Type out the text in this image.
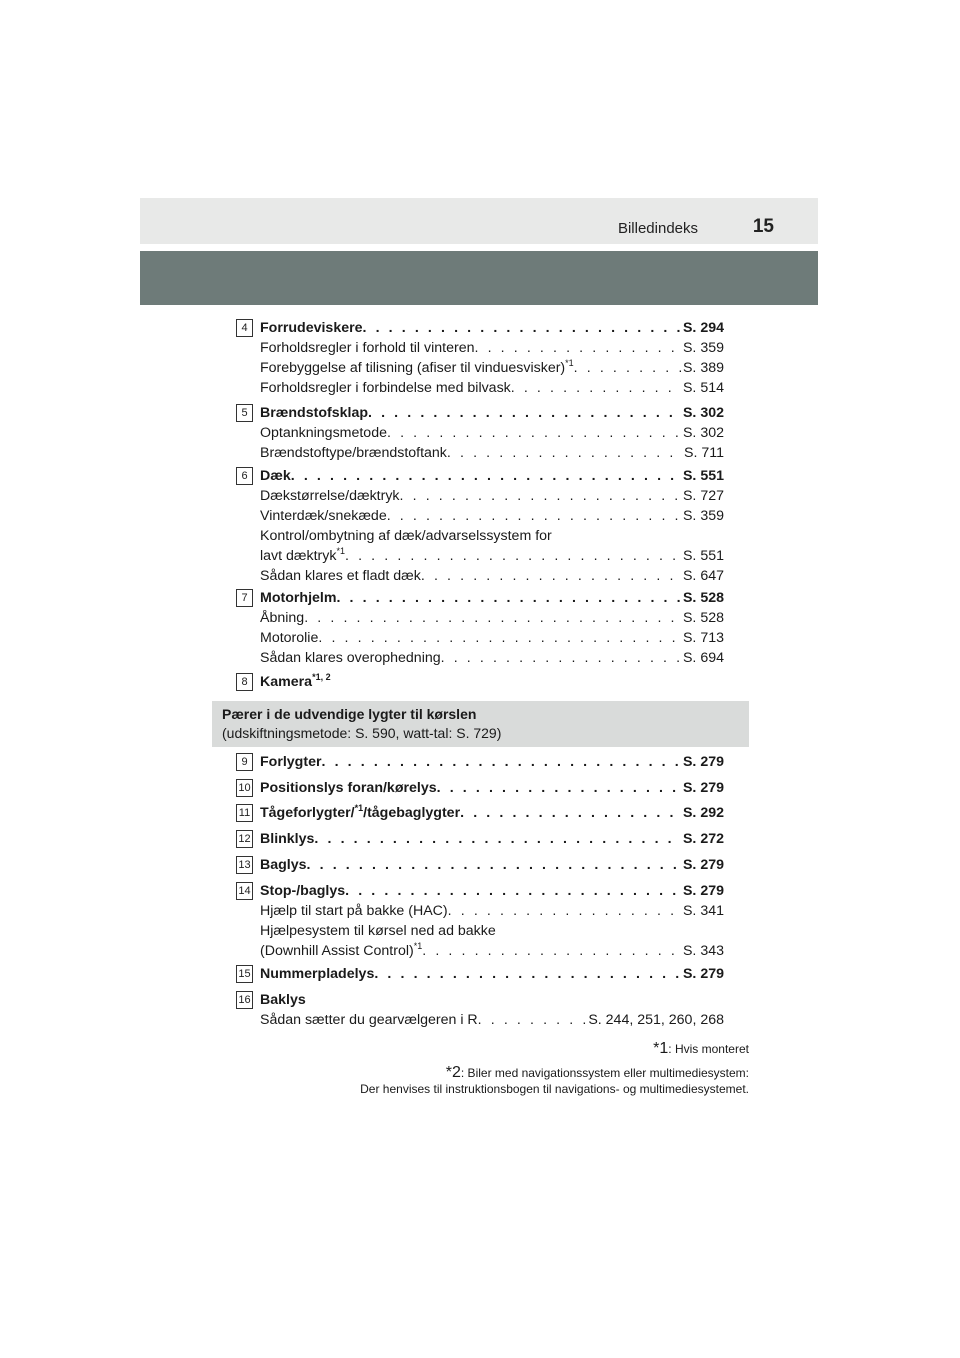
Billedindeks	15
4 Forrudeviskere . . .	S. 294
Forholdsregler i forhold til vinteren . . .	S. 359
Forebyggelse af tilisning (afiser til vinduesvisker)$^{*1}$ . . .	S. 389
Forholdsregler i forbindelse med bilvask . . .	S. 514
5 Brændstofsklap . . .	S. 302
Optankningsmetode . . .	S. 302
Brændstoftype/brændstoftank . . .	S. 711
6 Dæk . . .	S. 551
Dækstørrelse/dæktryk . . .	S. 727
Vinterdæk/snekæde . . .	S. 359
Kontrol/ombytning af dæk/advarselssystem for
lavt dæktryk$^{*1}$ . . .	S. 551
Sådan klares et fladt dæk . . .	S. 647
7 Motorhjelm . . .	S. 528
Åbning . . .	S. 528
Motorolie . . .	S. 713
Sådan klares overophedning . . .	S. 694
8 Kamera$^{*1, 2}$
Pærer i de udvendige lygter til kørslen
(udskiftningsmetode: S. 590, watt-tal: S. 729)
9 Forlygter . . .	S. 279
10 Positionslys foran/kørelys . . .	S. 279
11 Tågeforlygter/$^{*1}$/tågebaglygter . . .	S. 292
12 Blinklys . . .	S. 272
13 Baglys . . .	S. 279
14 Stop-/baglys . . .	S. 279
Hjælp til start på bakke (HAC) . . .	S. 341
Hjælpesystem til kørsel ned ad bakke
(Downhill Assist Control)$^{*1}$ . . .	S. 343
15 Nummerpladelys . . .	S. 279
16 Baklys
Sådan sætter du gearvælgeren i R . . .	S. 244, 251, 260, 268
*1: Hvis monteret
*2: Biler med navigationssystem eller multimediesystem:
Der henvises til instruktionsbogen til navigations- og multimediesystemet.
